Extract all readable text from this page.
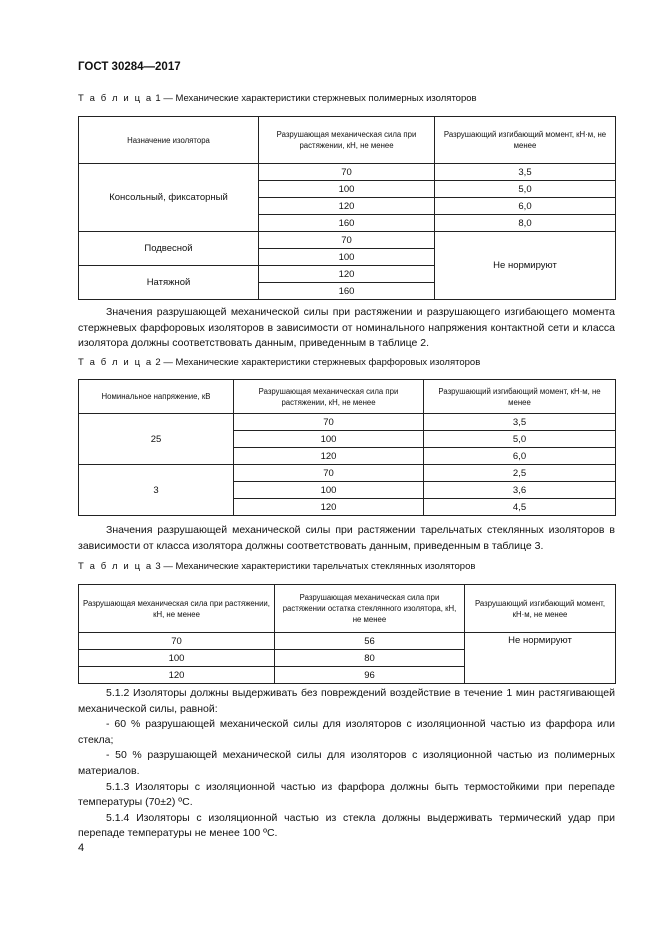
ГОСТ 30284—2017
Т а б л и ц а 1 — Механические характеристики стержневых полимерных изоляторов
Назначение изолятора	Разрушающая механическая сила при растяжении, кН, не менее	Разрушающий изгибающий момент, кН·м, не менее
Консольный, фиксаторный	70	3,5
	100	5,0
	120	6,0
	160	8,0
Подвесной	70	Не нормируют
	100	
Натяжной	120	
	160	
Значения разрушающей механической силы при растяжении и разрушающего изгибающего момента стержневых фарфоровых изоляторов в зависимости от номинального напряжения контактной сети и класса изолятора должны соответствовать данным, приведенным в таблице 2.
Т а б л и ц а 2 — Механические характеристики стержневых фарфоровых изоляторов
Номинальное напряжение, кВ	Разрушающая механическая сила при растяжении, кН, не менее	Разрушающий изгибающий момент, кН·м, не менее
25	70	3,5
	100	5,0
	120	6,0
3	70	2,5
	100	3,6
	120	4,5
Значения разрушающей механической силы при растяжении тарельчатых стеклянных изоляторов в зависимости от класса изолятора должны соответствовать данным, приведенным в таблице 3.
Т а б л и ц а 3 — Механические характеристики тарельчатых стеклянных изоляторов
Разрушающая механическая сила при растяжении, кН, не менее	Разрушающая механическая сила при растяжении остатка стеклянного изолятора, кН, не менее	Разрушающий изгибающий момент, кН·м, не менее
70	56	Не нормируют
100	80	
120	96	
5.1.2 Изоляторы должны выдерживать без повреждений воздействие в течение 1 мин растягивающей механической силы, равной:
- 60 % разрушающей механической силы для изоляторов с изоляционной частью из фарфора или стекла;
- 50 % разрушающей механической силы для изоляторов с изоляционной частью из полимерных материалов.
5.1.3 Изоляторы с изоляционной частью из фарфора должны быть термостойкими при перепаде температуры (70±2) ºС.
5.1.4 Изоляторы с изоляционной частью из стекла должны выдерживать термический удар при перепаде температуры не менее 100 ºС.
4
